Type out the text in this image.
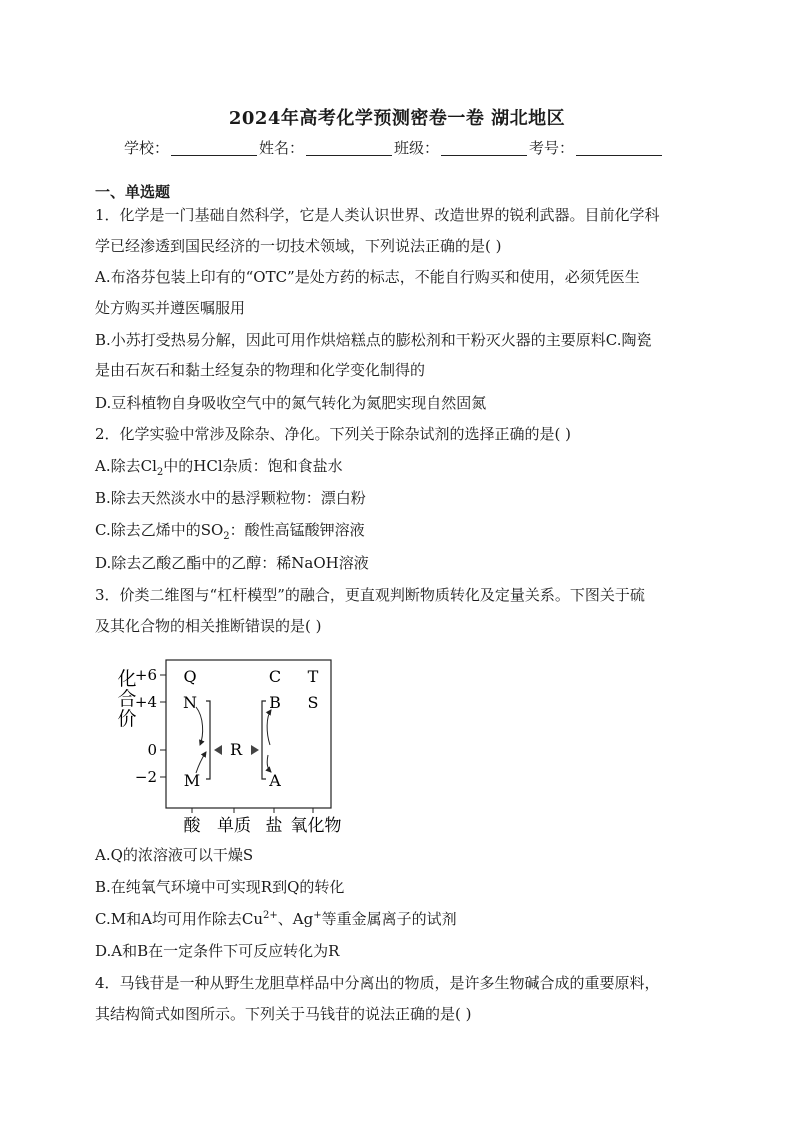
2024年高考化学预测密卷一卷 湖北地区
学校：	姓名：	班级：	考号：
一、单选题
1．化学是一门基础自然科学，它是人类认识世界、改造世界的锐利武器。目前化学科
学已经渗透到国民经济的一切技术领域，下列说法正确的是( )
A.布洛芬包装上印有的“OTC”是处方药的标志，不能自行购买和使用，必须凭医生
处方购买并遵医嘱服用
B.小苏打受热易分解，因此可用作烘焙糕点的膨松剂和干粉灭火器的主要原料C.陶瓷
是由石灰石和黏土经复杂的物理和化学变化制得的
D.豆科植物自身吸收空气中的氮气转化为氮肥实现自然固氮
2．化学实验中常涉及除杂、净化。下列关于除杂试剂的选择正确的是( )
A.除去$Cl_2$中的HCl杂质：饱和食盐水
B.除去天然淡水中的悬浮颗粒物：漂白粉
C.除去乙烯中的$SO_2$：酸性高锰酸钾溶液
D.除去乙酸乙酯中的乙醇：稀NaOH溶液
3．价类二维图与“杠杆模型”的融合，更直观判断物质转化及定量关系。下图关于硫
及其化合物的相关推断错误的是( )
化合价
+6
+4
0
−2
酸 单质 盐 氧化物
Q
N
M
R
C
B
A
T
S
A.Q的浓溶液可以干燥S
B.在纯氧气环境中可实现R到Q的转化
C.M和A均可用作除去$Cu^{2+}$、Ag+等重金属离子的试剂
D.A和B在一定条件下可反应转化为R
4．马钱苷是一种从野生龙胆草样品中分离出的物质，是许多生物碱合成的重要原料，
其结构简式如图所示。下列关于马钱苷的说法正确的是( )
